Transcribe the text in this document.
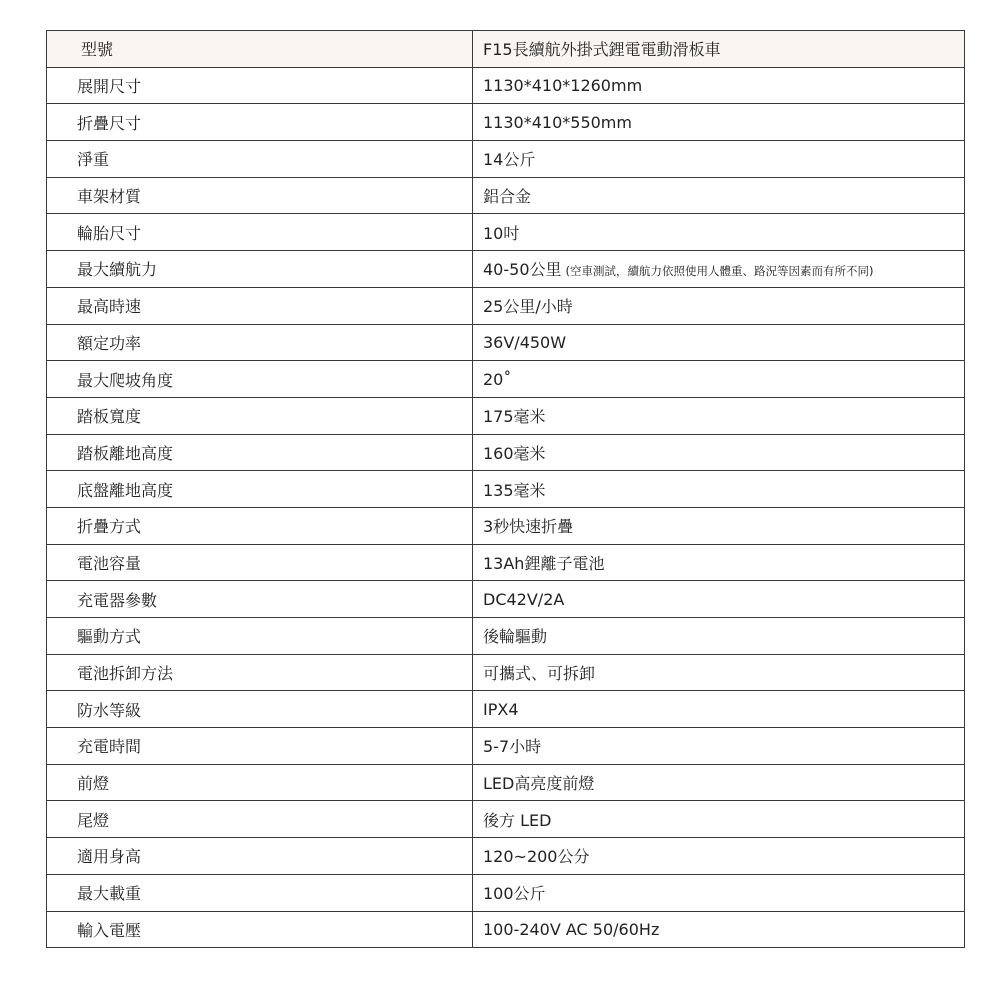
型號	F15長續航外掛式鋰電電動滑板車
展開尺寸	1130*410*1260mm
折疊尺寸	1130*410*550mm
淨重	14公斤
車架材質	鋁合金
輪胎尺寸	10吋
最大續航力	40-50公里 (空車測試，續航力依照使用人體重、路況等因素而有所不同)
最高時速	25公里/小時
額定功率	36V/450W
最大爬坡角度	20˚
踏板寬度	175毫米
踏板離地高度	160毫米
底盤離地高度	135毫米
折疊方式	3秒快速折疊
電池容量	13Ah鋰離子電池
充電器參數	DC42V/2A
驅動方式	後輪驅動
電池拆卸方法	可攜式、可拆卸
防水等級	IPX4
充電時間	5-7小時
前燈	LED高亮度前燈
尾燈	後方 LED
適用身高	120~200公分
最大載重	100公斤
輸入電壓	100-240V AC 50/60Hz
